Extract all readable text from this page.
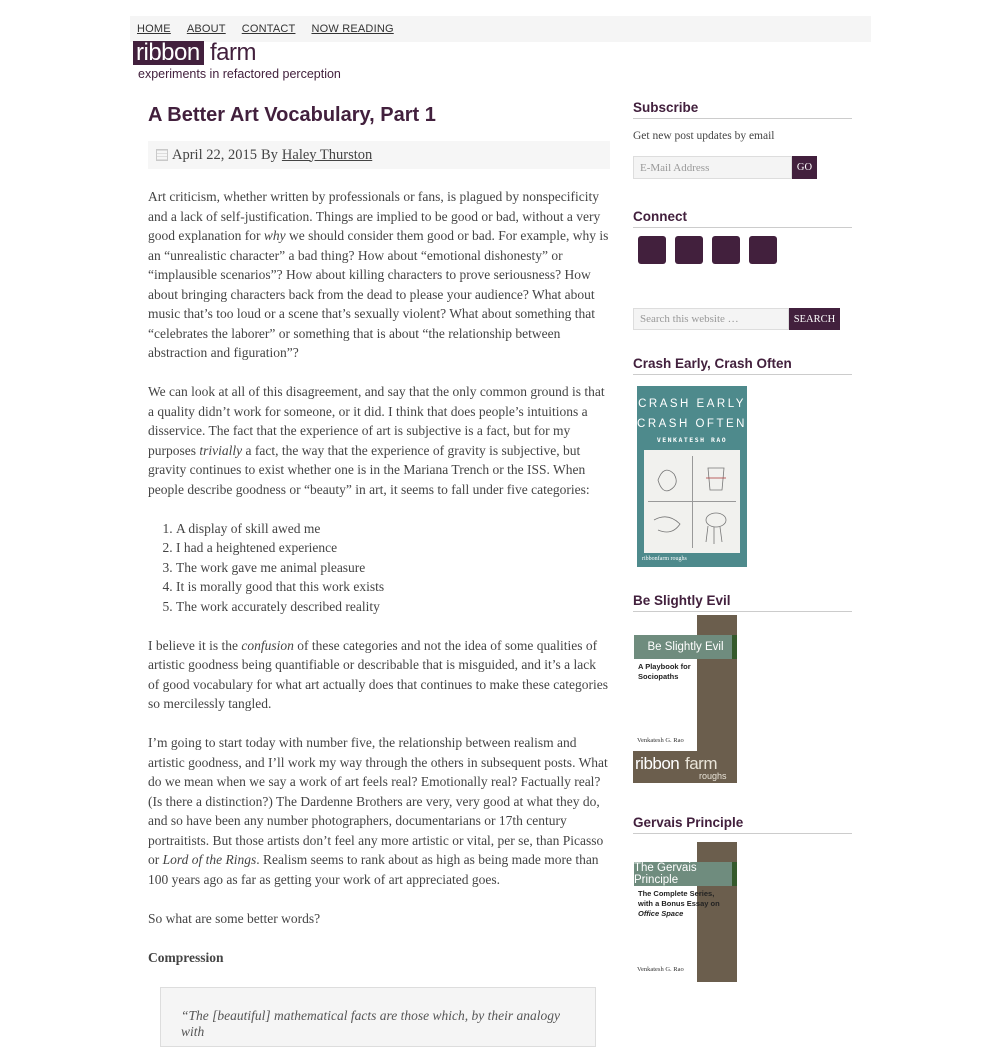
HOME ABOUT CONTACT NOW READING
ribbon farm
experiments in refactored perception
A Better Art Vocabulary, Part 1
April 22, 2015 By Haley Thurston

Art criticism, whether written by professionals or fans, is plagued by nonspecificity and a lack of self-justification. Things are implied to be good or bad, without a very good explanation for why we should consider them good or bad. For example, why is an “unrealistic character” a bad thing? How about “emotional dishonesty” or “implausible scenarios”? How about killing characters to prove seriousness? How about bringing characters back from the dead to please your audience? What about music that’s too loud or a scene that’s sexually violent? What about something that “celebrates the laborer” or something that is about “the relationship between abstraction and figuration”?

We can look at all of this disagreement, and say that the only common ground is that a quality didn’t work for someone, or it did. I think that does people’s intuitions a disservice. The fact that the experience of art is subjective is a fact, but for my purposes trivially a fact, the way that the experience of gravity is subjective, but gravity continues to exist whether one is in the Mariana Trench or the ISS. When people describe goodness or “beauty” in art, it seems to fall under five categories:

1. A display of skill awed me
2. I had a heightened experience
3. The work gave me animal pleasure
4. It is morally good that this work exists
5. The work accurately described reality

I believe it is the confusion of these categories and not the idea of some qualities of artistic goodness being quantifiable or describable that is misguided, and it’s a lack of good vocabulary for what art actually does that continues to make these categories so mercilessly tangled.

I’m going to start today with number five, the relationship between realism and artistic goodness, and I’ll work my way through the others in subsequent posts. What do we mean when we say a work of art feels real? Emotionally real? Factually real? (Is there a distinction?) The Dardenne Brothers are very, very good at what they do, and so have been any number photographers, documentarians or 17th century portraitists. But those artists don’t feel any more artistic or vital, per se, than Picasso or Lord of the Rings. Realism seems to rank about as high as being made more than 100 years ago as far as getting your work of art appreciated goes.

So what are some better words?

Compression
“The [beautiful] mathematical facts are those which, by their analogy with
Subscribe
Get new post updates by email
E-Mail Address	GO
Connect
Search this website …	SEARCH
Crash Early, Crash Often
CRASH EARLY
CRASH OFTEN
VENKATESH RAO
ribbonfarm roughs
Be Slightly Evil
Be Slightly Evil
A Playbook for Sociopaths
Venkatesh G. Rao
ribbon farm
roughs
Gervais Principle
The Gervais Principle
The Complete Series,
with a Bonus Essay on
Office Space
Venkatesh G. Rao
